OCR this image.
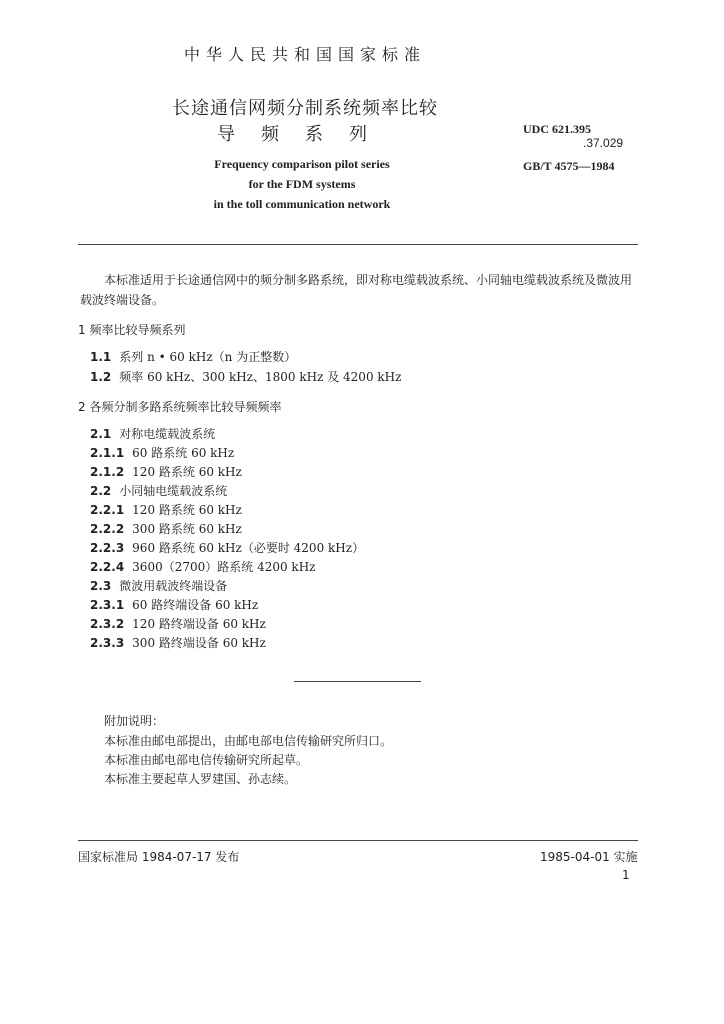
中华人民共和国国家标准
长途通信网频分制系统频率比较
导频系列
Frequency comparison pilot series
for the FDM systems
in the toll communication network
UDC 621.395
.37.029
GB/T 4575—1984
本标准适用于长途通信网中的频分制多路系统，即对称电缆载波系统、小同轴电缆载波系统及微波用载波终端设备。
1 频率比较导频系列
1.1 系列 n • 60 kHz（n 为正整数）
1.2 频率 60 kHz、300 kHz、1800 kHz 及 4200 kHz
2 各频分制多路系统频率比较导频频率
2.1 对称电缆载波系统
2.1.1 60 路系统 60 kHz
2.1.2 120 路系统 60 kHz
2.2 小同轴电缆载波系统
2.2.1 120 路系统 60 kHz
2.2.2 300 路系统 60 kHz
2.2.3 960 路系统 60 kHz（必要时 4200 kHz）
2.2.4 3600（2700）路系统 4200 kHz
2.3 微波用载波终端设备
2.3.1 60 路终端设备 60 kHz
2.3.2 120 路终端设备 60 kHz
2.3.3 300 路终端设备 60 kHz
附加说明：
本标准由邮电部提出，由邮电部电信传输研究所归口。
本标准由邮电部电信传输研究所起草。
本标准主要起草人罗建国、孙志续。
国家标准局 1984-07-17 发布	1985-04-01 实施
1
